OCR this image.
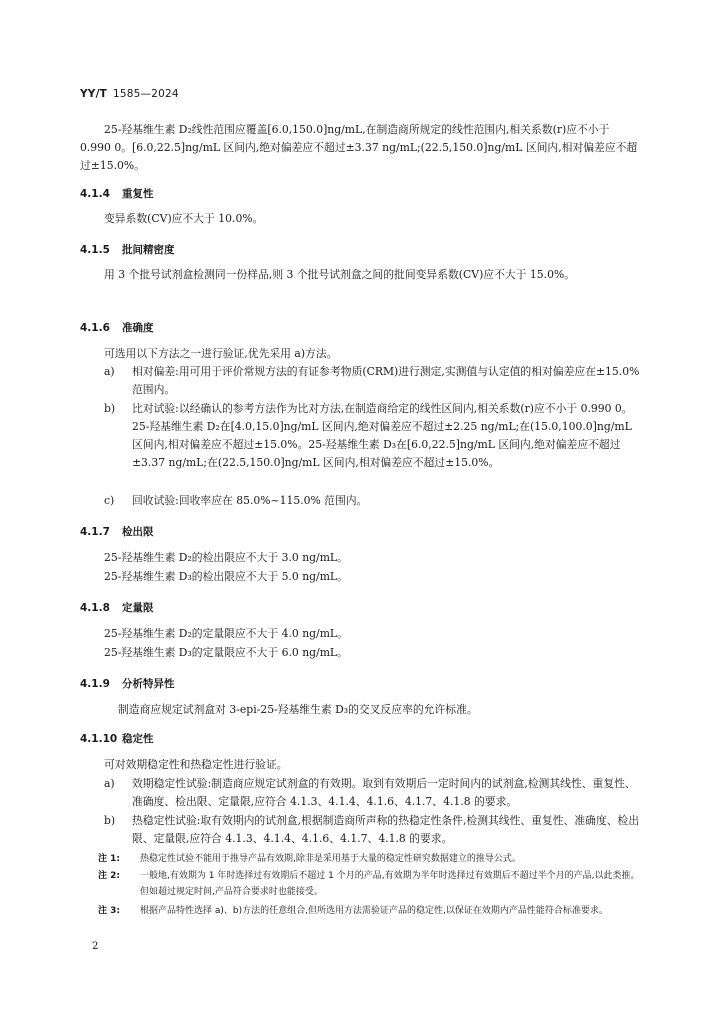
YY/T 1585—2024
25-羟基维生素 D₂线性范围应覆盖[6.0,150.0]ng/mL,在制造商所规定的线性范围内,相关系数(r)应不小于 0.990 0。[6.0,22.5]ng/mL 区间内,绝对偏差应不超过±3.37 ng/mL;(22.5,150.0]ng/mL 区间内,相对偏差应不超过±15.0%。
4.1.4 重复性
变异系数(CV)应不大于 10.0%。
4.1.5 批间精密度
用 3 个批号试剂盒检测同一份样品,则 3 个批号试剂盒之间的批间变异系数(CV)应不大于 15.0%。
4.1.6 准确度
可选用以下方法之一进行验证,优先采用 a)方法。
a) 相对偏差:用可用于评价常规方法的有证参考物质(CRM)进行测定,实测值与认定值的相对偏差应在±15.0% 范围内。
b) 比对试验:以经确认的参考方法作为比对方法,在制造商给定的线性区间内,相关系数(r)应不小于 0.990 0。25-羟基维生素 D₂在[4.0,15.0]ng/mL 区间内,绝对偏差应不超过±2.25 ng/mL;在(15.0,100.0]ng/mL 区间内,相对偏差应不超过±15.0%。25-羟基维生素 D₃在[6.0,22.5]ng/mL 区间内,绝对偏差应不超过±3.37 ng/mL;在(22.5,150.0]ng/mL 区间内,相对偏差应不超过±15.0%。
c) 回收试验:回收率应在 85.0%~115.0% 范围内。
4.1.7 检出限
25-羟基维生素 D₂的检出限应不大于 3.0 ng/mL。
25-羟基维生素 D₃的检出限应不大于 5.0 ng/mL。
4.1.8 定量限
25-羟基维生素 D₂的定量限应不大于 4.0 ng/mL。
25-羟基维生素 D₃的定量限应不大于 6.0 ng/mL。
4.1.9 分析特异性
制造商应规定试剂盒对 3-epi-25-羟基维生素 D₃的交叉反应率的允许标准。
4.1.10 稳定性
可对效期稳定性和热稳定性进行验证。
a) 效期稳定性试验:制造商应规定试剂盒的有效期。取到有效期后一定时间内的试剂盒,检测其线性、重复性、准确度、检出限、定量限,应符合 4.1.3、4.1.4、4.1.6、4.1.7、4.1.8 的要求。
b) 热稳定性试验:取有效期内的试剂盒,根据制造商所声称的热稳定性条件,检测其线性、重复性、准确度、检出限、定量限,应符合 4.1.3、4.1.4、4.1.6、4.1.7、4.1.8 的要求。
注 1: 热稳定性试验不能用于推导产品有效期,除非是采用基于大量的稳定性研究数据建立的推导公式。
注 2: 一般地,有效期为 1 年时选择过有效期后不超过 1 个月的产品,有效期为半年时选择过有效期后不超过半个月的产品,以此类推。但如超过规定时间,产品符合要求时也能接受。
注 3: 根据产品特性选择 a)、b)方法的任意组合,但所选用方法需验证产品的稳定性,以保证在效期内产品性能符合标准要求。
2
